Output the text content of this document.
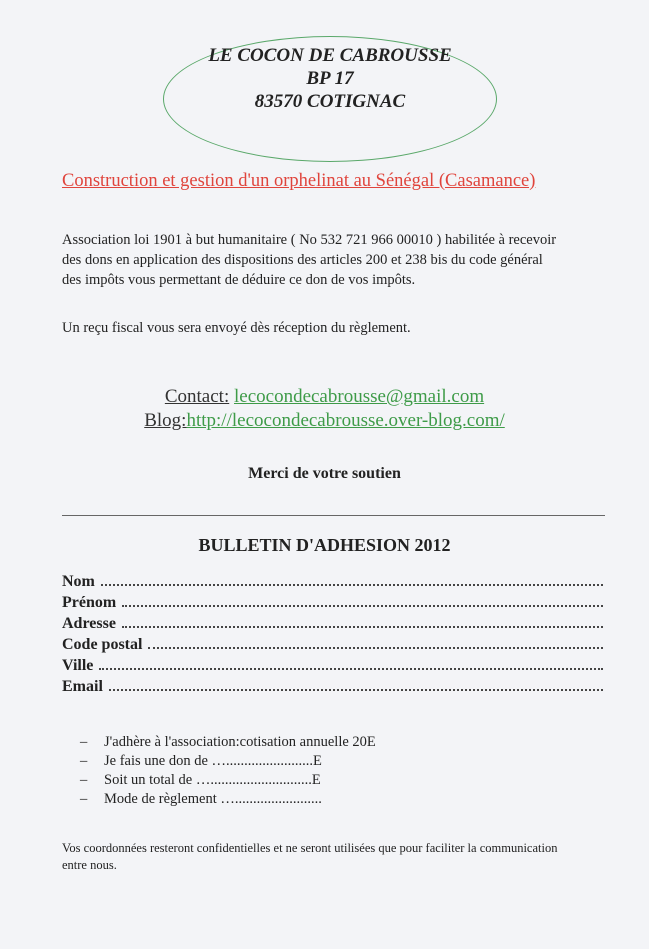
LE COCON DE CABROUSSE
BP 17
83570 COTIGNAC
Construction et gestion d'un orphelinat au Sénégal (Casamance)
Association loi 1901 à but humanitaire ( No 532 721 966 00010 ) habilitée à recevoir
des dons en application des dispositions des articles 200 et 238 bis du code général
des impôts vous permettant de déduire ce don de vos impôts.
Un reçu fiscal vous sera envoyé dès réception du règlement.
Contact: lecocondecabrousse@gmail.com
Blog:http://lecocondecabrousse.over-blog.com/
Merci de votre soutien
BULLETIN D'ADHESION 2012
Nom
Prénom
Adresse
Code postal
Ville
Email
–	J'adhère à l'association:cotisation annuelle 20E
–	Je fais une don de …........................E
–	Soit un total de …............................E
–	Mode de règlement …........................
Vos coordonnées resteront confidentielles et ne seront utilisées que pour faciliter la communication
entre nous.
